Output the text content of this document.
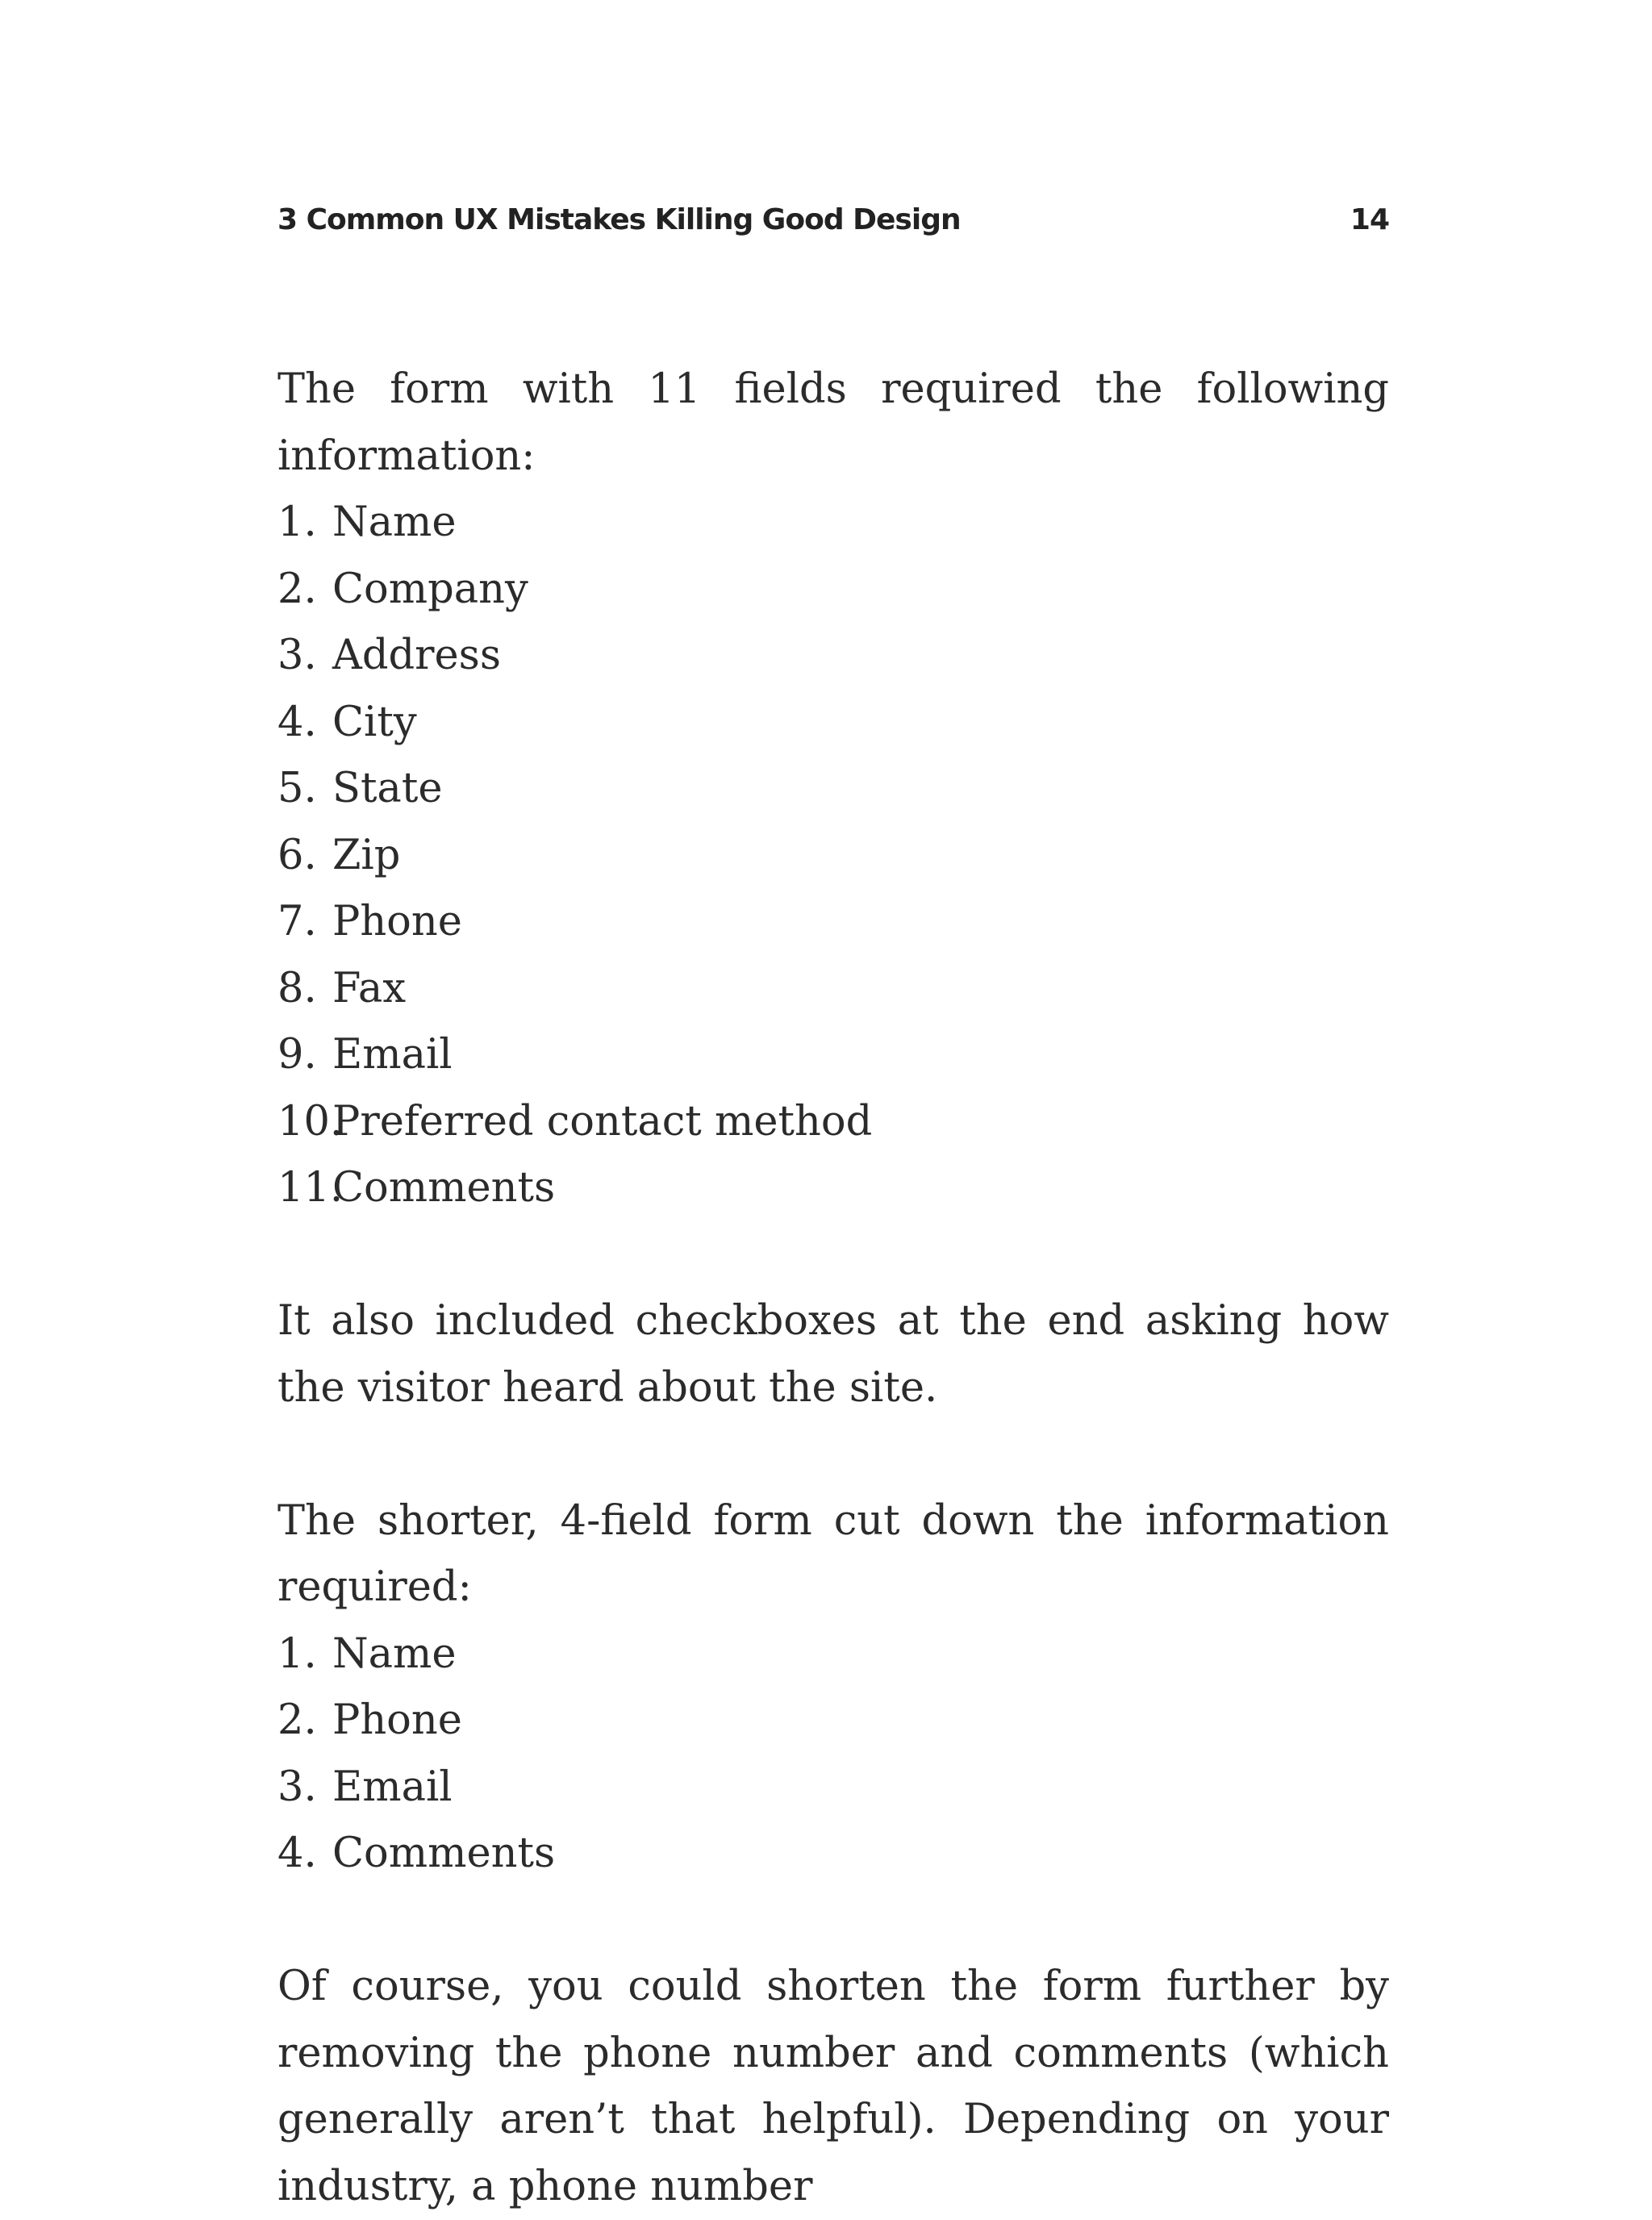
3 Common UX Mistakes Killing Good Design	14

The form with 11 fields required the following information:

1. Name
2. Company
3. Address
4. City
5. State
6. Zip
7. Phone
8. Fax
9. Email
10.
Preferred contact method
11.
Comments

It also included checkboxes at the end asking how the visitor heard about the site.

The shorter, 4-field form cut down the information required:

1. Name
2. Phone
3. Email
4. Comments

Of course, you could shorten the form further by removing the phone number and comments (which generally aren’t that helpful). Depending on your industry, a phone number
